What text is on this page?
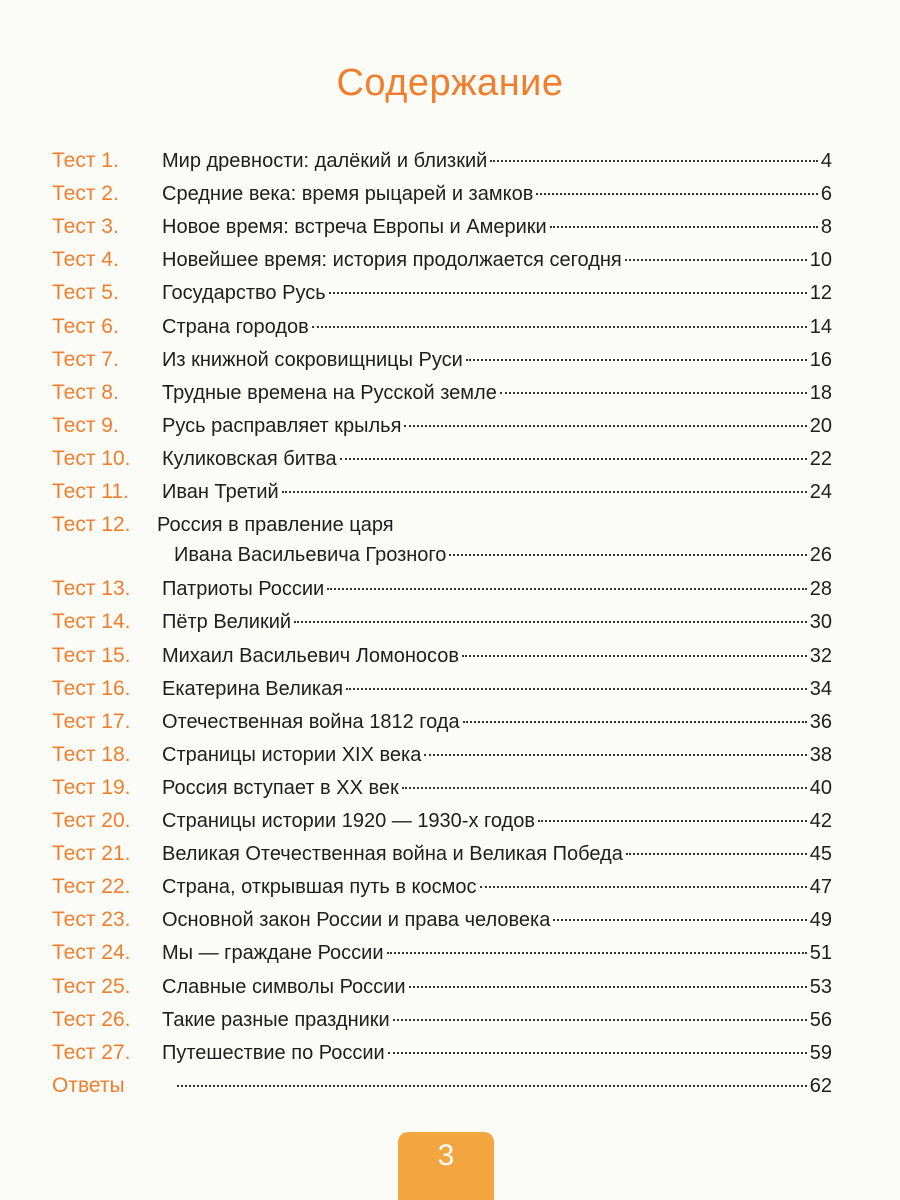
Содержание
Тест 1. Мир древности: далёкий и близкий	4
Тест 2. Средние века: время рыцарей и замков	6
Тест 3. Новое время: встреча Европы и Америки	8
Тест 4. Новейшее время: история продолжается сегодня	10
Тест 5. Государство Русь	12
Тест 6. Страна городов	14
Тест 7. Из книжной сокровищницы Руси	16
Тест 8. Трудные времена на Русской земле	18
Тест 9. Русь расправляет крылья	20
Тест 10. Куликовская битва	22
Тест 11. Иван Третий	24
Тест 12. Россия в правление царя
Ивана Васильевича Грозного	26
Тест 13. Патриоты России	28
Тест 14. Пётр Великий	30
Тест 15. Михаил Васильевич Ломоносов	32
Тест 16. Екатерина Великая	34
Тест 17. Отечественная война 1812 года	36
Тест 18. Страницы истории XIX века	38
Тест 19. Россия вступает в XX век	40
Тест 20. Страницы истории 1920 — 1930-х годов	42
Тест 21. Великая Отечественная война и Великая Победа	45
Тест 22. Страна, открывшая путь в космос	47
Тест 23. Основной закон России и права человека	49
Тест 24. Мы — граждане России	51
Тест 25. Славные символы России	53
Тест 26. Такие разные праздники	56
Тест 27. Путешествие по России	59
Ответы	62
3
